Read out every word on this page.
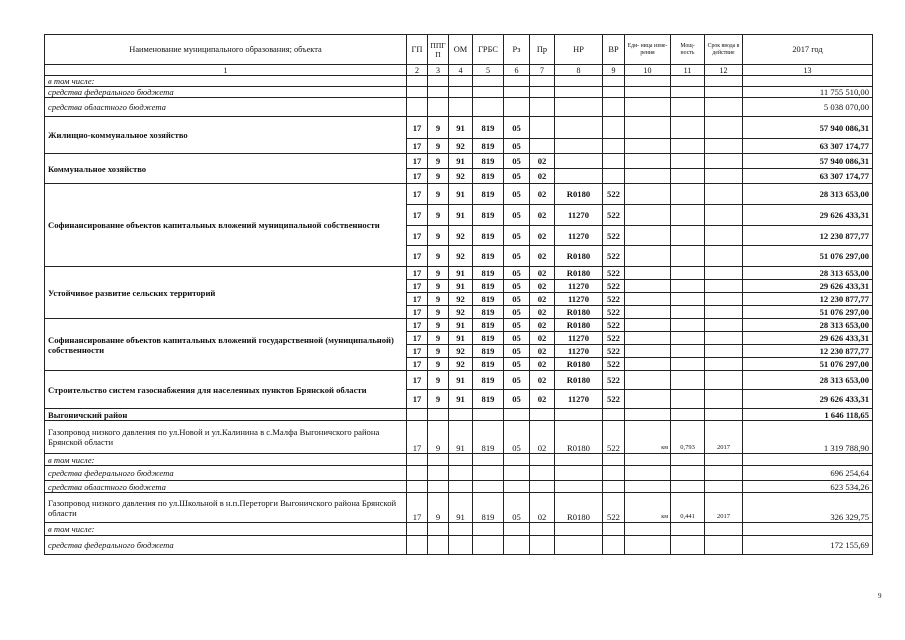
Наименование муниципального образования; объекта	ГП	ППГ П	ОМ	ГРБС	Рз	Пр	НР	ВР	Еди- ница изме- рения	Мощ- ность	Срок ввода в действие	2017 год
1	2	3	4	5	6	7	8	9	10	11	12	13
в том числе:												
средства федерального бюджета												11 755 510,00
средства областного бюджета												5 038 070,00
Жилищно-коммунальное хозяйство	17	9	91	819	05							57 940 086,31
	17	9	92	819	05							63 307 174,77
Коммунальное хозяйство	17	9	91	819	05	02						57 940 086,31
	17	9	92	819	05	02						63 307 174,77
Софинансирование объектов капитальных вложений муниципальной собственности	17	9	91	819	05	02	R0180	522				28 313 653,00
	17	9	91	819	05	02	11270	522				29 626 433,31
	17	9	92	819	05	02	11270	522				12 230 877,77
	17	9	92	819	05	02	R0180	522				51 076 297,00
Устойчивое развитие сельских территорий	17	9	91	819	05	02	R0180	522				28 313 653,00
	17	9	91	819	05	02	11270	522				29 626 433,31
	17	9	92	819	05	02	11270	522				12 230 877,77
	17	9	92	819	05	02	R0180	522				51 076 297,00
Софинансирование объектов капитальных вложений государственной (муниципальной) собственности	17	9	91	819	05	02	R0180	522				28 313 653,00
	17	9	91	819	05	02	11270	522				29 626 433,31
	17	9	92	819	05	02	11270	522				12 230 877,77
	17	9	92	819	05	02	R0180	522				51 076 297,00
Строительство систем газоснабжения для населенных пунктов Брянской области	17	9	91	819	05	02	R0180	522				28 313 653,00
	17	9	91	819	05	02	11270	522				29 626 433,31
Выгоничский район												1 646 118,65
Газопровод низкого давления по ул.Новой и ул.Калинина в с.Малфа Выгоничского района Брянской области	17	9	91	819	05	02	R0180	522	км	0,793	2017	1 319 788,90
в том числе:												
средства федерального бюджета												696 254,64
средства областного бюджета												623 534,26
Газопровод низкого давления по ул.Школьной в н.п.Переторги Выгоничского района Брянской области	17	9	91	819	05	02	R0180	522	км	0,441	2017	326 329,75
в том числе:												
средства федерального бюджета												172 155,69
9
